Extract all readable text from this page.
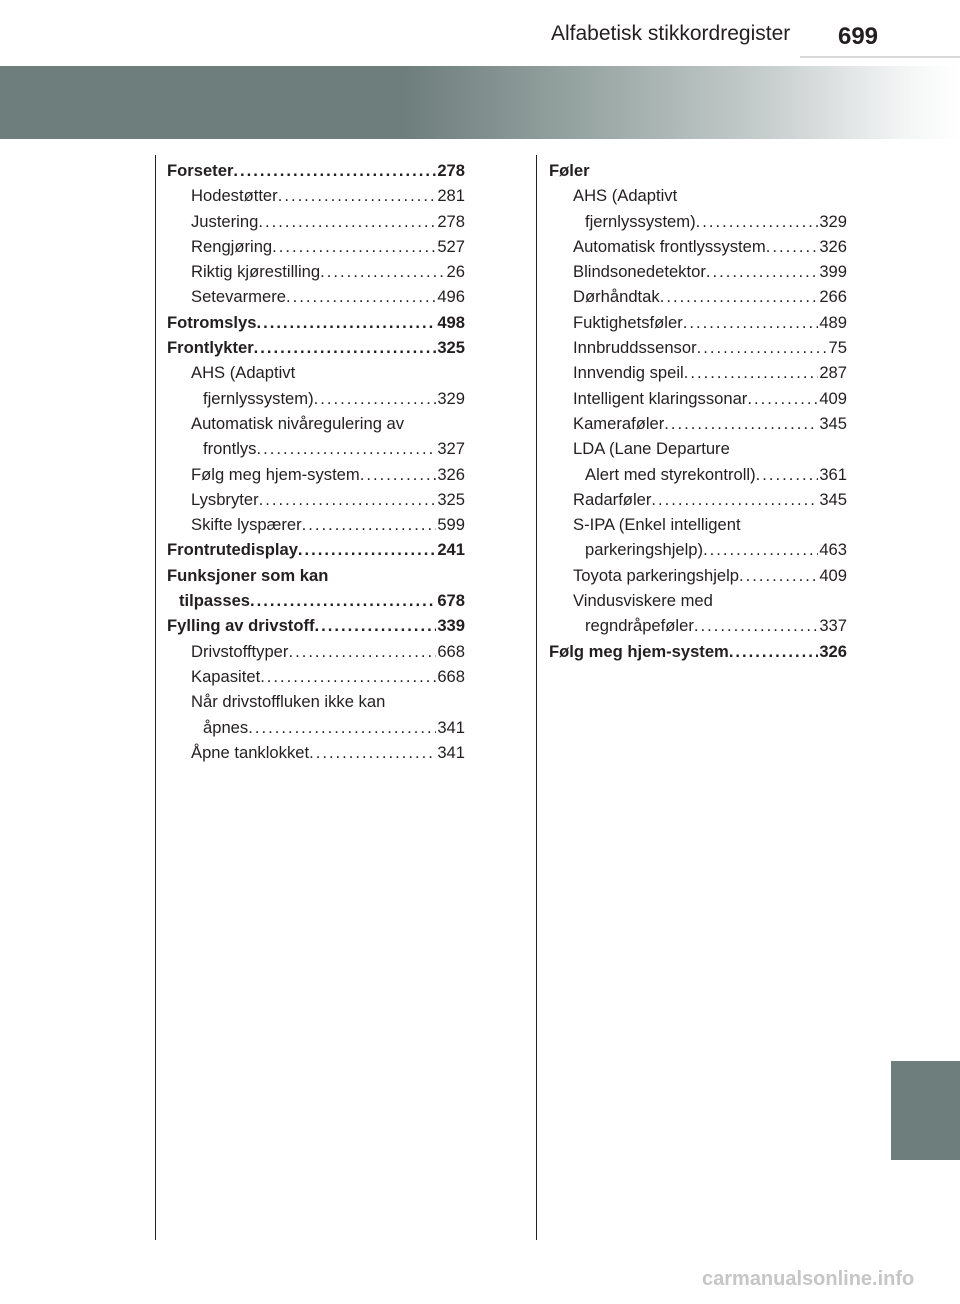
Alfabetisk stikkordregister	699
Forseter . . .	278
Hodestøtter . . .	281
Justering . . .	278
Rengjøring . . .	527
Riktig kjørestilling . . .	26
Setevarmere . . .	496
Fotromslys . . .	498
Frontlykter . . .	325
AHS (Adaptivt
fjernlyssystem) . . .	329
Automatisk nivåregulering av
frontlys . . .	327
Følg meg hjem-system . . .	326
Lysbryter . . .	325
Skifte lyspærer . . .	599
Frontrutedisplay . . .	241
Funksjoner som kan
tilpasses . . .	678
Fylling av drivstoff . . .	339
Drivstofftyper . . .	668
Kapasitet . . .	668
Når drivstoffluken ikke kan
åpnes . . .	341
Åpne tanklokket . . .	341
Føler
AHS (Adaptivt
fjernlyssystem) . . .	329
Automatisk frontlyssystem . . .	326
Blindsonedetektor . . .	399
Dørhåndtak . . .	266
Fuktighetsføler . . .	489
Innbruddssensor . . .	75
Innvendig speil . . .	287
Intelligent klaringssonar . . .	409
Kameraføler . . .	345
LDA (Lane Departure
Alert med styrekontroll) . . .	361
Radarføler . . .	345
S-IPA (Enkel intelligent
parkeringshjelp) . . .	463
Toyota parkeringshjelp . . .	409
Vindusviskere med
regndråpeføler . . .	337
Følg meg hjem-system . . .	326
carmanualsonline.info
